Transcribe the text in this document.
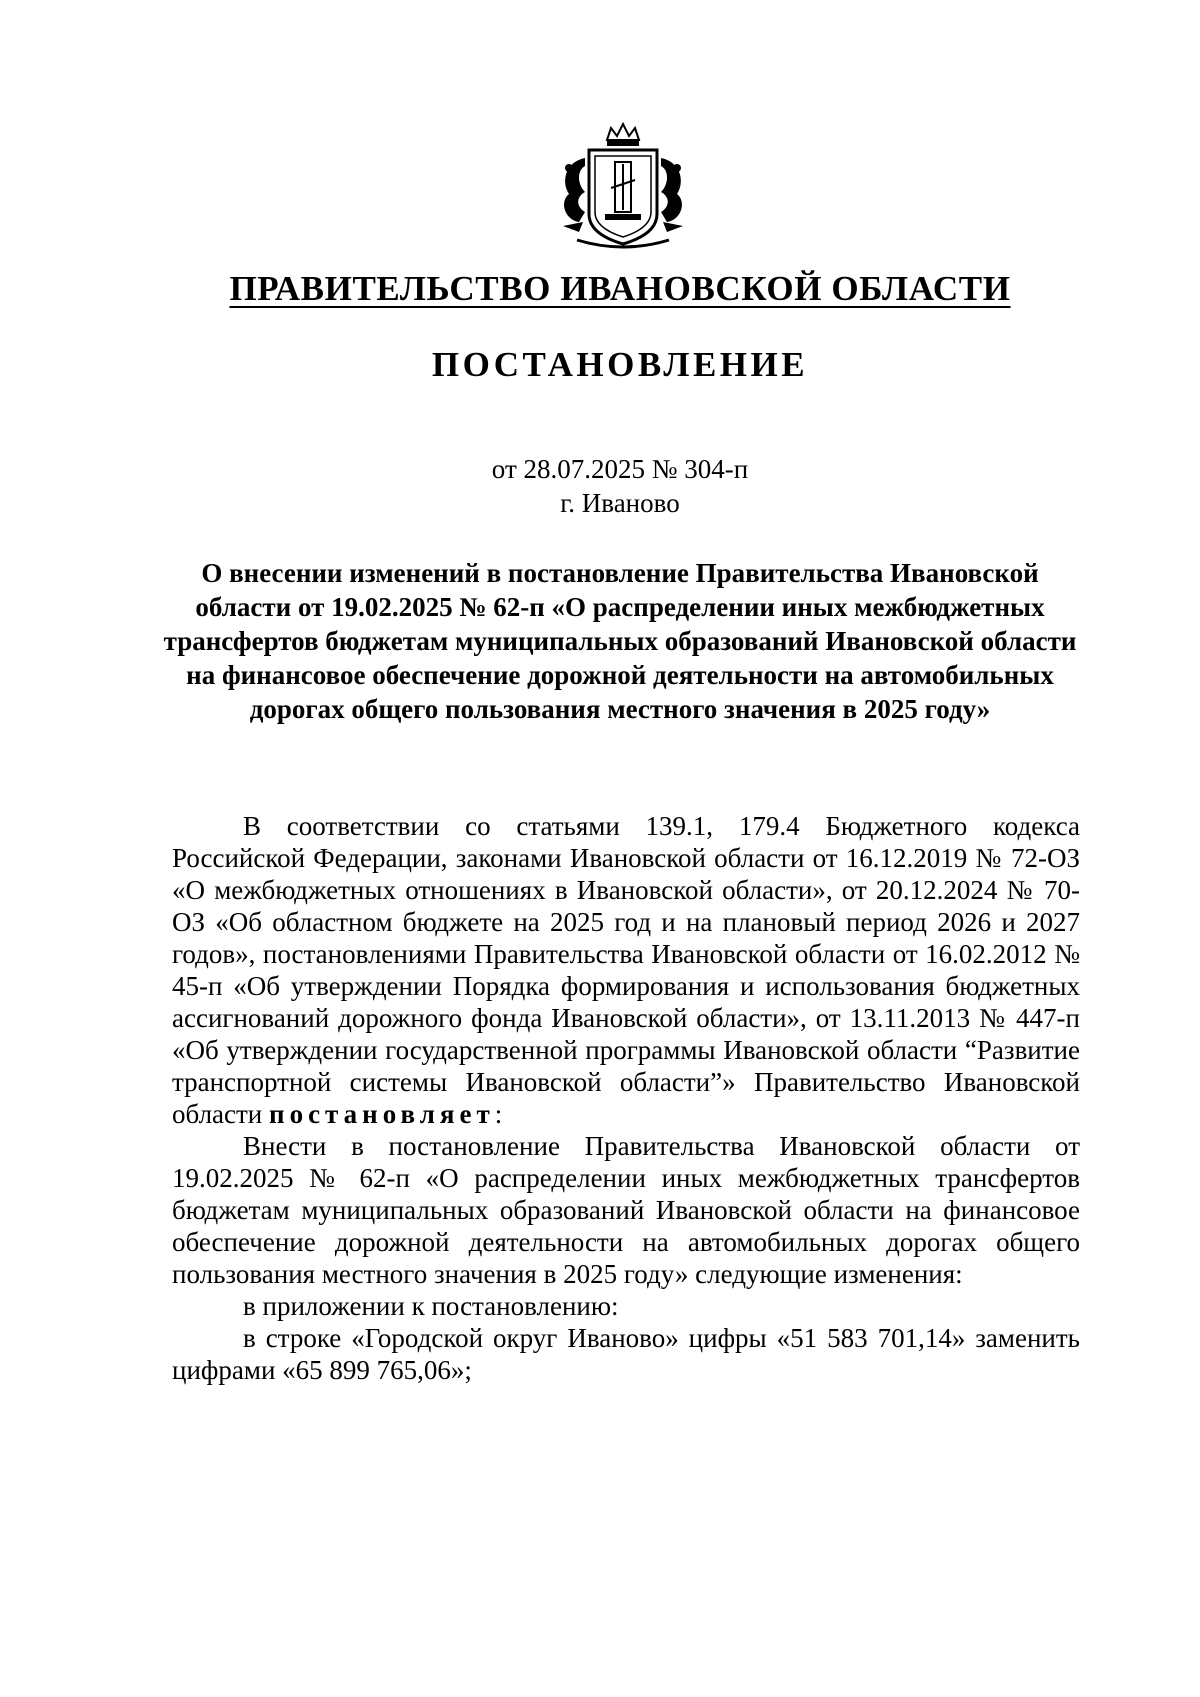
ПРАВИТЕЛЬСТВО ИВАНОВСКОЙ ОБЛАСТИ
ПОСТАНОВЛЕНИЕ
от 28.07.2025 № 304-п
г. Иваново
О внесении изменений в постановление Правительства Ивановской области от 19.02.2025 № 62-п «О распределении иных межбюджетных трансфертов бюджетам муниципальных образований Ивановской области на финансовое обеспечение дорожной деятельности на автомобильных дорогах общего пользования местного значения в 2025 году»

В соответствии со статьями 139.1, 179.4 Бюджетного кодекса Российской Федерации, законами Ивановской области от 16.12.2019 № 72-ОЗ «О межбюджетных отношениях в Ивановской области», от 20.12.2024 № 70-ОЗ «Об областном бюджете на 2025 год и на плановый период 2026 и 2027 годов», постановлениями Правительства Ивановской области от 16.02.2012 № 45-п «Об утверждении Порядка формирования и использования бюджетных ассигнований дорожного фонда Ивановской области», от 13.11.2013 № 447-п «Об утверждении государственной программы Ивановской области “Развитие транспортной системы Ивановской области”» Правительство Ивановской области постановляет:

Внести в постановление Правительства Ивановской области от 19.02.2025 № 62-п «О распределении иных межбюджетных трансфертов бюджетам муниципальных образований Ивановской области на финансовое обеспечение дорожной деятельности на автомобильных дорогах общего пользования местного значения в 2025 году» следующие изменения:

в приложении к постановлению:

в строке «Городской округ Иваново» цифры «51 583 701,14» заменить цифрами «65 899 765,06»;
